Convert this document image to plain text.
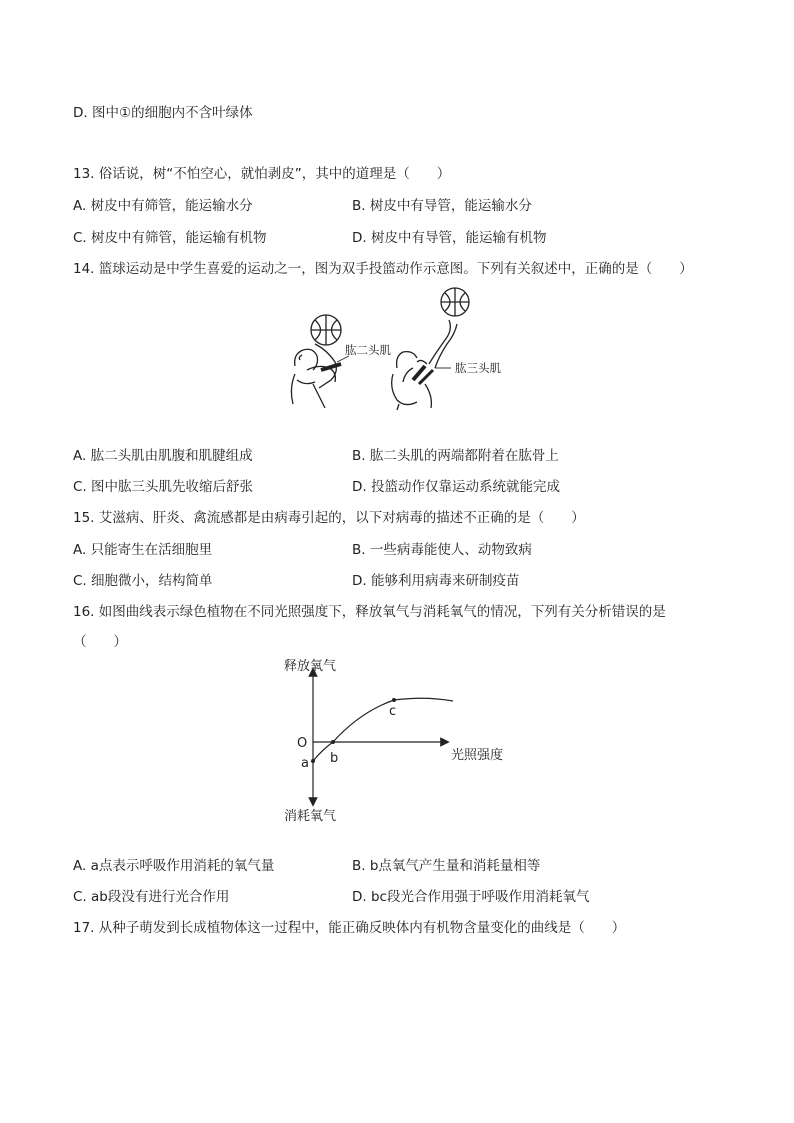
D. 图中①的细胞内不含叶绿体
13. 俗话说，树“不怕空心，就怕剥皮”，其中的道理是（　　）
A. 树皮中有筛管，能运输水分	B. 树皮中有导管，能运输水分
C. 树皮中有筛管，能运输有机物	D. 树皮中有导管，能运输有机物
14. 篮球运动是中学生喜爱的运动之一，图为双手投篮动作示意图。下列有关叙述中，正确的是（　　）
肱二头肌
肱三头肌
A. 肱二头肌由肌腹和肌腱组成	B. 肱二头肌的两端都附着在肱骨上
C. 图中肱三头肌先收缩后舒张	D. 投篮动作仅靠运动系统就能完成
15. 艾滋病、肝炎、禽流感都是由病毒引起的，以下对病毒的描述不正确的是（　　）
A. 只能寄生在活细胞里	B. 一些病毒能使人、动物致病
C. 细胞微小，结构简单	D. 能够利用病毒来研制疫苗
16. 如图曲线表示绿色植物在不同光照强度下，释放氧气与消耗氧气的情况，下列有关分析错误的是
（　　）
释放氧气
消耗氧气
光照强度
O
a b
c
A. a点表示呼吸作用消耗的氧气量	B. b点氧气产生量和消耗量相等
C. ab段没有进行光合作用	D. bc段光合作用强于呼吸作用消耗氧气
17. 从种子萌发到长成植物体这一过程中，能正确反映体内有机物含量变化的曲线是（　　）
